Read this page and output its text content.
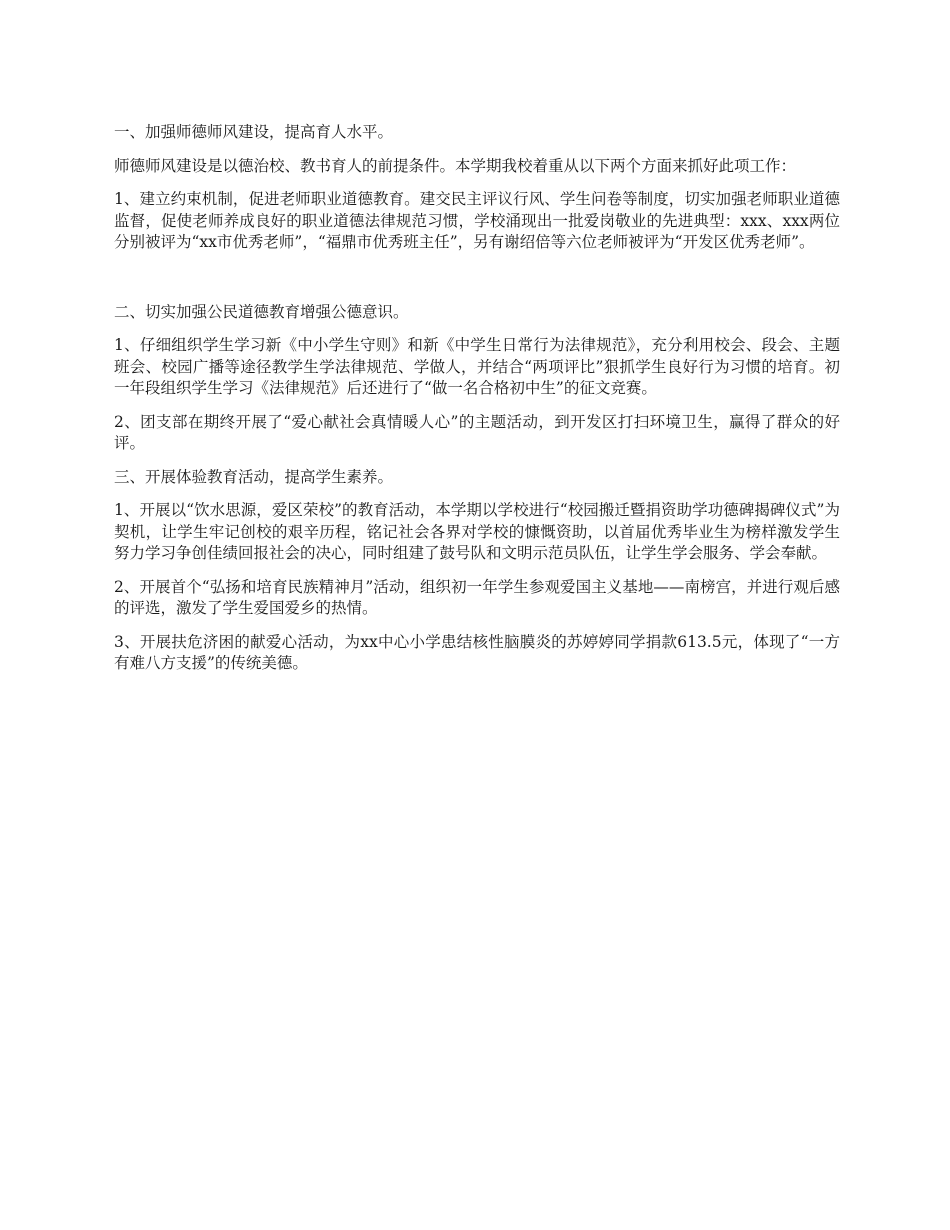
一、加强师德师风建设，提高育人水平。

师德师风建设是以德治校、教书育人的前提条件。本学期我校着重从以下两个方面来抓好此项工作：

1、建立约束机制，促进老师职业道德教育。建交民主评议行风、学生问卷等制度，切实加强老师职业道德监督，促使老师养成良好的职业道德法律规范习惯，学校涌现出一批爱岗敬业的先进典型：xxx、xxx两位分别被评为“xx市优秀老师”，“福鼎市优秀班主任”，另有谢绍倍等六位老师被评为“开发区优秀老师”。

二、切实加强公民道德教育增强公德意识。

1、仔细组织学生学习新《中小学生守则》和新《中学生日常行为法律规范》，充分利用校会、段会、主题班会、校园广播等途径教学生学法律规范、学做人，并结合“两项评比”狠抓学生良好行为习惯的培育。初一年段组织学生学习《法律规范》后还进行了“做一名合格初中生”的征文竞赛。

2、团支部在期终开展了“爱心献社会真情暖人心”的主题活动，到开发区打扫环境卫生，赢得了群众的好评。

三、开展体验教育活动，提高学生素养。

1、开展以“饮水思源，爱区荣校”的教育活动，本学期以学校进行“校园搬迁暨捐资助学功德碑揭碑仪式”为契机，让学生牢记创校的艰辛历程，铭记社会各界对学校的慷慨资助，以首届优秀毕业生为榜样激发学生努力学习争创佳绩回报社会的决心，同时组建了鼓号队和文明示范员队伍，让学生学会服务、学会奉献。

2、开展首个“弘扬和培育民族精神月”活动，组织初一年学生参观爱国主义基地——南榜宫，并进行观后感的评选，激发了学生爱国爱乡的热情。

3、开展扶危济困的献爱心活动，为xx中心小学患结核性脑膜炎的苏婷婷同学捐款613.5元，体现了“一方有难八方支援”的传统美德。
